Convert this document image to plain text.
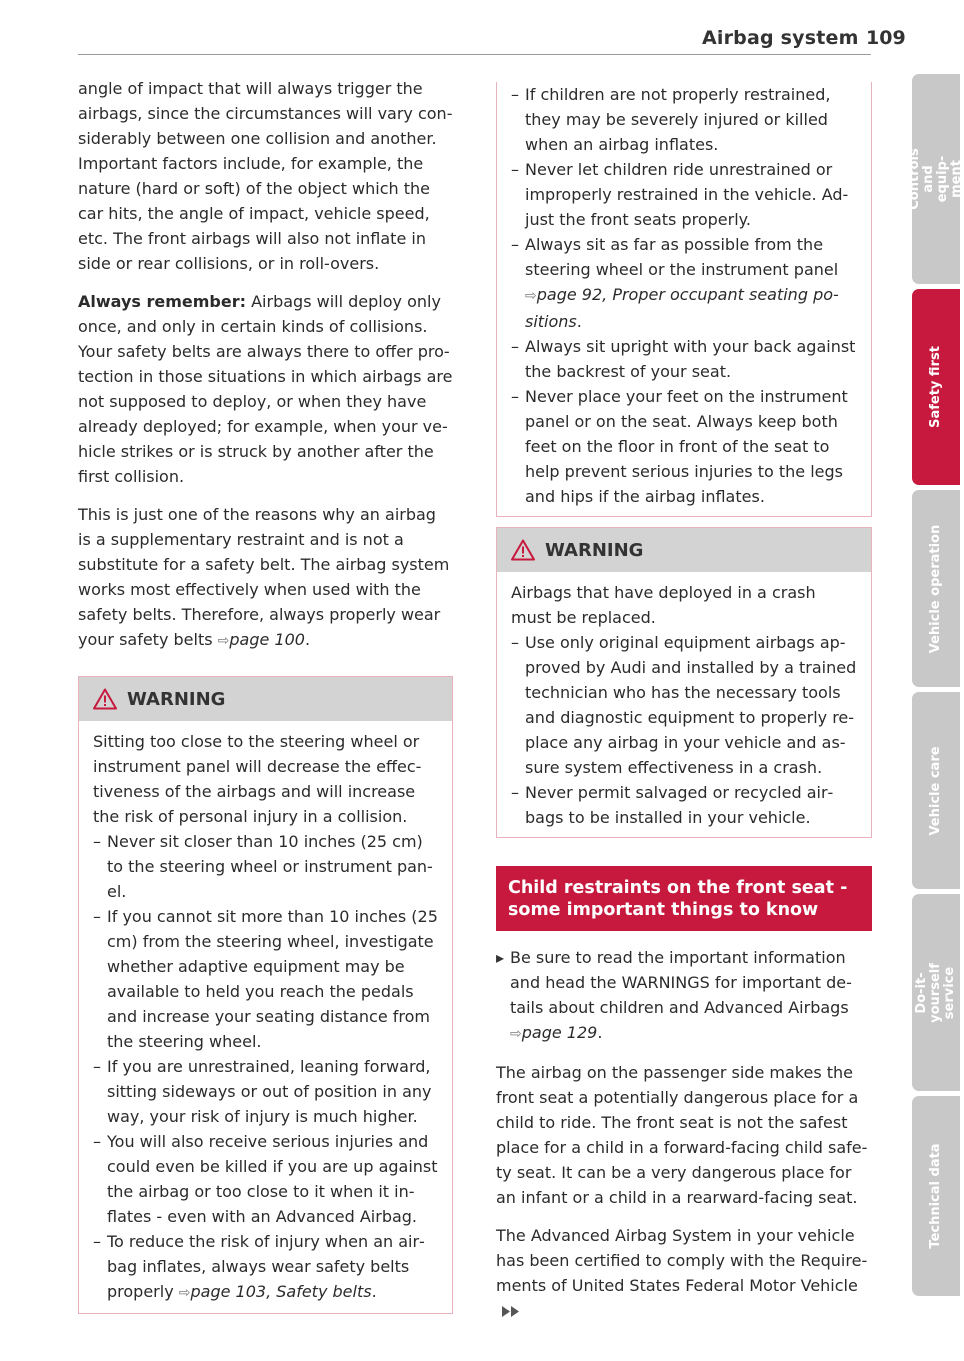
Airbag system 109

angle of impact that will always trigger the airbags, since the circumstances will vary considerably between one collision and another. Important factors include, for example, the nature (hard or soft) of the object which the car hits, the angle of impact, vehicle speed, etc. The front airbags will also not inflate in side or rear collisions, or in roll-overs.

Always remember: Airbags will deploy only once, and only in certain kinds of collisions. Your safety belts are always there to offer protection in those situations in which airbags are not supposed to deploy, or when they have already deployed; for example, when your vehicle strikes or is struck by another after the first collision.

This is just one of the reasons why an airbag is a supplementary restraint and is not a substitute for a safety belt. The airbag system works most effectively when used with the safety belts. Therefore, always properly wear your safety belts ⇨page 100.

WARNING
Sitting too close to the steering wheel or instrument panel will decrease the effectiveness of the airbags and will increase the risk of personal injury in a collision.
– Never sit closer than 10 inches (25 cm) to the steering wheel or instrument panel.
– If you cannot sit more than 10 inches (25 cm) from the steering wheel, investigate whether adaptive equipment may be available to held you reach the pedals and increase your seating distance from the steering wheel.
– If you are unrestrained, leaning forward, sitting sideways or out of position in any way, your risk of injury is much higher.
– You will also receive serious injuries and could even be killed if you are up against the airbag or too close to it when it inflates - even with an Advanced Airbag.
– To reduce the risk of injury when an airbag inflates, always wear safety belts properly ⇨page 103, Safety belts.
– If children are not properly restrained, they may be severely injured or killed when an airbag inflates.
– Never let children ride unrestrained or improperly restrained in the vehicle. Adjust the front seats properly.
– Always sit as far as possible from the steering wheel or the instrument panel ⇨page 92, Proper occupant seating positions.
– Always sit upright with your back against the backrest of your seat.
– Never place your feet on the instrument panel or on the seat. Always keep both feet on the floor in front of the seat to help prevent serious injuries to the legs and hips if the airbag inflates.
WARNING
Airbags that have deployed in a crash must be replaced.
– Use only original equipment airbags approved by Audi and installed by a trained technician who has the necessary tools and diagnostic equipment to properly replace any airbag in your vehicle and assure system effectiveness in a crash.
– Never permit salvaged or recycled airbags to be installed in your vehicle.
Child restraints on the front seat - some important things to know
▸ Be sure to read the important information and head the WARNINGS for important details about children and Advanced Airbags ⇨page 129.

The airbag on the passenger side makes the front seat a potentially dangerous place for a child to ride. The front seat is not the safest place for a child in a forward-facing child safety seat. It can be a very dangerous place for an infant or a child in a rearward-facing seat.

The Advanced Airbag System in your vehicle has been certified to comply with the Requirements of United States Federal Motor Vehicle

Controls and equip-
ment
Safety first
Vehicle operation
Vehicle care
Do-it-yourself
service
Technical data
